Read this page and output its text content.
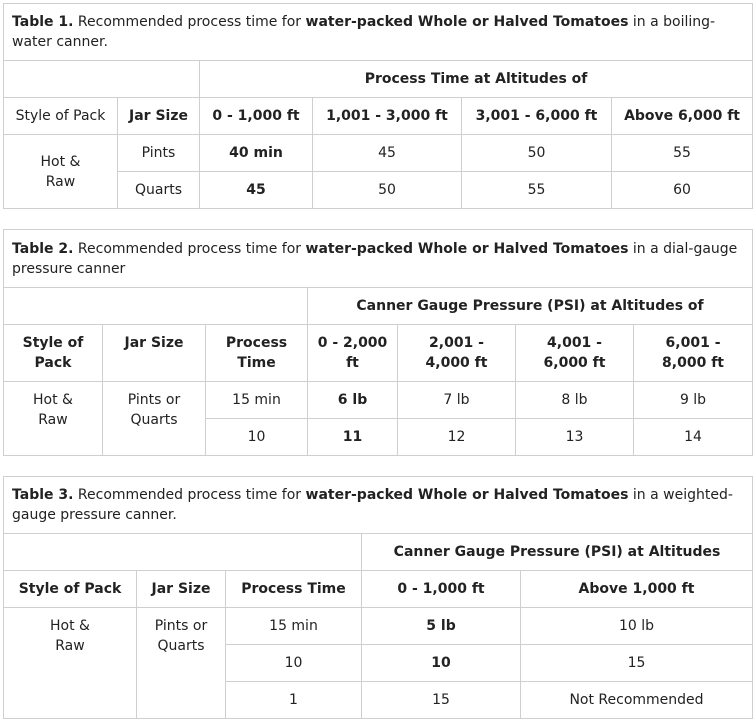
Table 1. Recommended process time for water-packed Whole or Halved Tomatoes in a boiling-water canner.					
		Process Time at Altitudes of			
Style of Pack	Jar Size	0 - 1,000 ft	1,001 - 3,000 ft	3,001 - 6,000 ft	Above 6,000 ft

Hot & Raw	Pints	40 min	45	50	55
	Quarts	45	50	55	60
Table 2. Recommended process time for water-packed Whole or Halved Tomatoes in a dial-gauge pressure canner						
			Canner Gauge Pressure (PSI) at Altitudes of			
Style of Pack	Jar Size	Process Time	0 - 2,000 ft	2,001 - 4,000 ft	4,001 - 6,000 ft	6,001 - 8,000 ft

Hot & Raw	Pints or Quarts	15 min	6 lb	7 lb	8 lb	9 lb
		10	11	12	13	14
Table 3. Recommended process time for water-packed Whole or Halved Tomatoes in a weighted-gauge pressure canner.				
			Canner Gauge Pressure (PSI) at Altitudes	
Style of Pack	Jar Size	Process Time	0 - 1,000 ft	Above 1,000 ft

Hot & Raw	Pints or Quarts	15 min	5 lb	10 lb
		10	10	15
		1	15	Not Recommended
